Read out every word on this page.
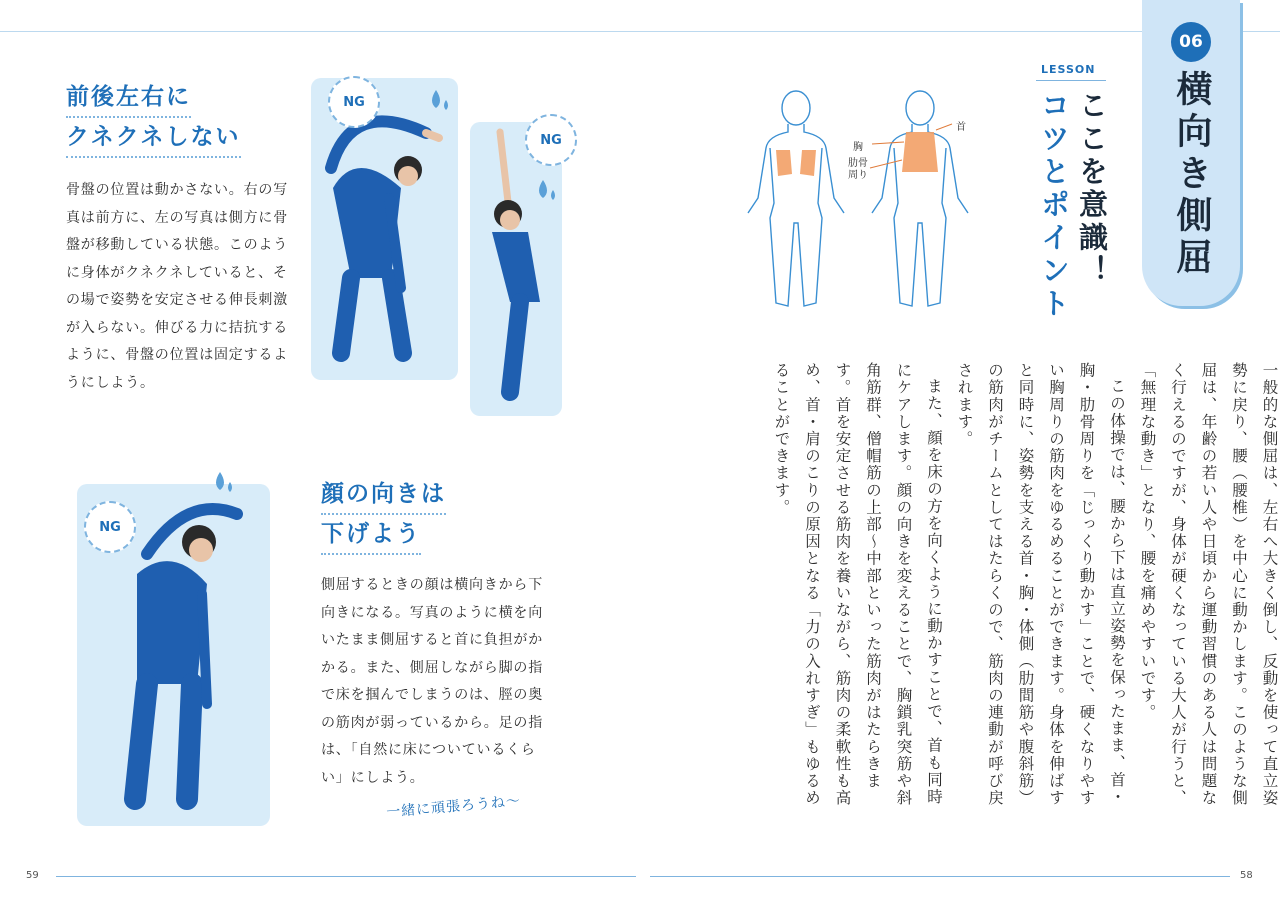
前後左右に
クネクネしない
骨盤の位置は動かさない。右の写真は前方に、左の写真は側方に骨盤が移動している状態。このように身体がクネクネしていると、その場で姿勢を安定させる伸長刺激が入らない。伸びる力に拮抗するように、骨盤の位置は固定するようにしよう。
NG
NG
NG
顔の向きは
下げよう
側屈するときの顔は横向きから下向きになる。写真のように横を向いたまま側屈すると首に負担がかかる。また、側屈しながら脚の指で床を掴んでしまうのは、脛の奥の筋肉が弱っているから。足の指は、「自然に床についているくらい」にしよう。
一緒に頑張ろうね〜
59
06
横向き側屈
LESSON
ここを意識！
コツとポイント
首
胸
肋骨周り

一般的な側屈は、左右へ大きく倒し、反動を使って直立姿勢に戻り、腰（腰椎）を中心に動かします。このような側屈は、年齢の若い人や日頃から運動習慣のある人は問題なく行えるのですが、身体が硬くなっている大人が行うと、「無理な動き」となり、腰を痛めやすいです。

この体操では、腰から下は直立姿勢を保ったまま、首・胸・肋骨周りを「じっくり動かす」ことで、硬くなりやすい胸周りの筋肉をゆるめることができます。身体を伸ばすと同時に、姿勢を支える首・胸・体側（肋間筋や腹斜筋）の筋肉がチームとしてはたらくので、筋肉の連動が呼び戻されます。

また、顔を床の方を向くように動かすことで、首も同時にケアします。顔の向きを変えることで、胸鎖乳突筋や斜角筋群、僧帽筋の上部〜中部といった筋肉がはたらきます。首を安定させる筋肉を養いながら、筋肉の柔軟性も高め、首・肩のこりの原因となる「力の入れすぎ」もゆるめることができます。

58
